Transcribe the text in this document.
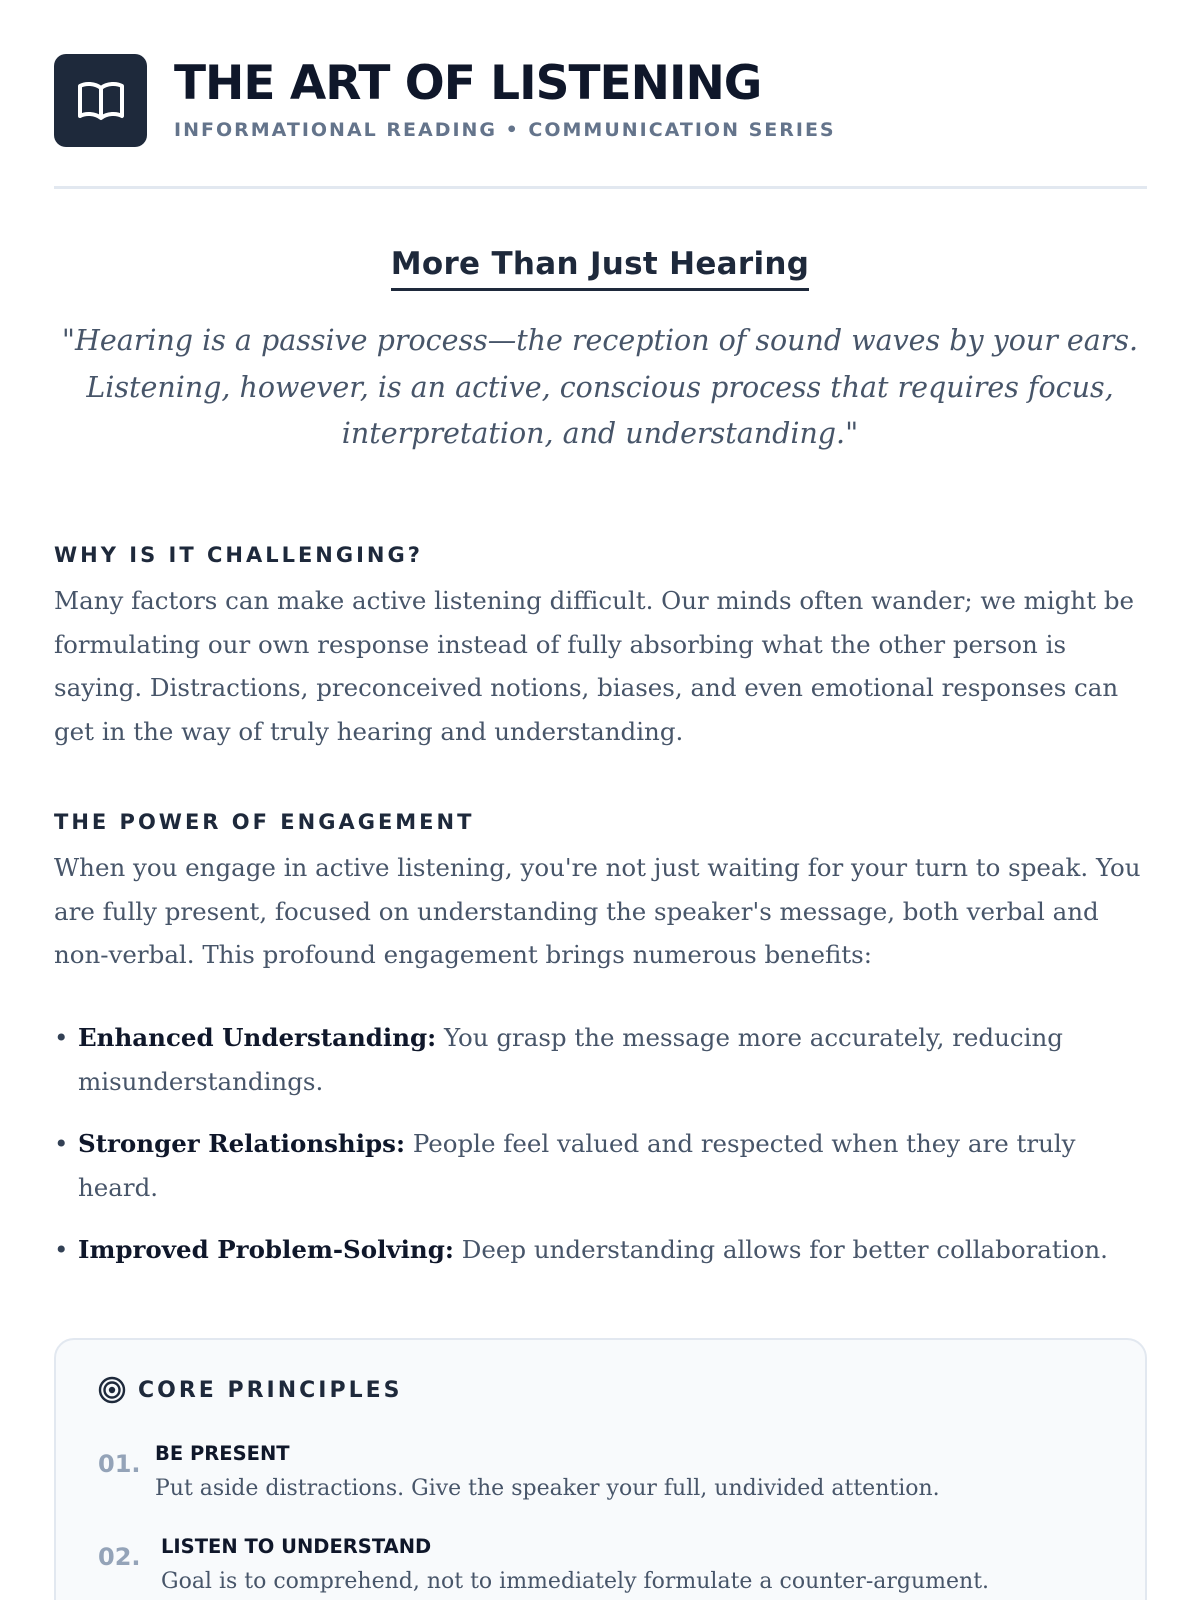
THE ART OF LISTENING
INFORMATIONAL READING • COMMUNICATION SERIES
More Than Just Hearing
"Hearing is a passive process—the reception of sound waves by your ears. Listening, however, is an active, conscious process that requires focus, interpretation, and understanding."
WHY IS IT CHALLENGING?

Many factors can make active listening difficult. Our minds often wander; we might be formulating our own response instead of fully absorbing what the other person is saying. Distractions, preconceived notions, biases, and even emotional responses can get in the way of truly hearing and understanding.

THE POWER OF ENGAGEMENT

When you engage in active listening, you're not just waiting for your turn to speak. You are fully present, focused on understanding the speaker's message, both verbal and non-verbal. This profound engagement brings numerous benefits:

• Enhanced Understanding: You grasp the message more accurately, reducing misunderstandings.
• Stronger Relationships: People feel valued and respected when they are truly heard.
• Improved Problem-Solving: Deep understanding allows for better collaboration.
CORE PRINCIPLES
01. BE PRESENT
Put aside distractions. Give the speaker your full, undivided attention.
02. LISTEN TO UNDERSTAND
Goal is to comprehend, not to immediately formulate a counter-argument.
